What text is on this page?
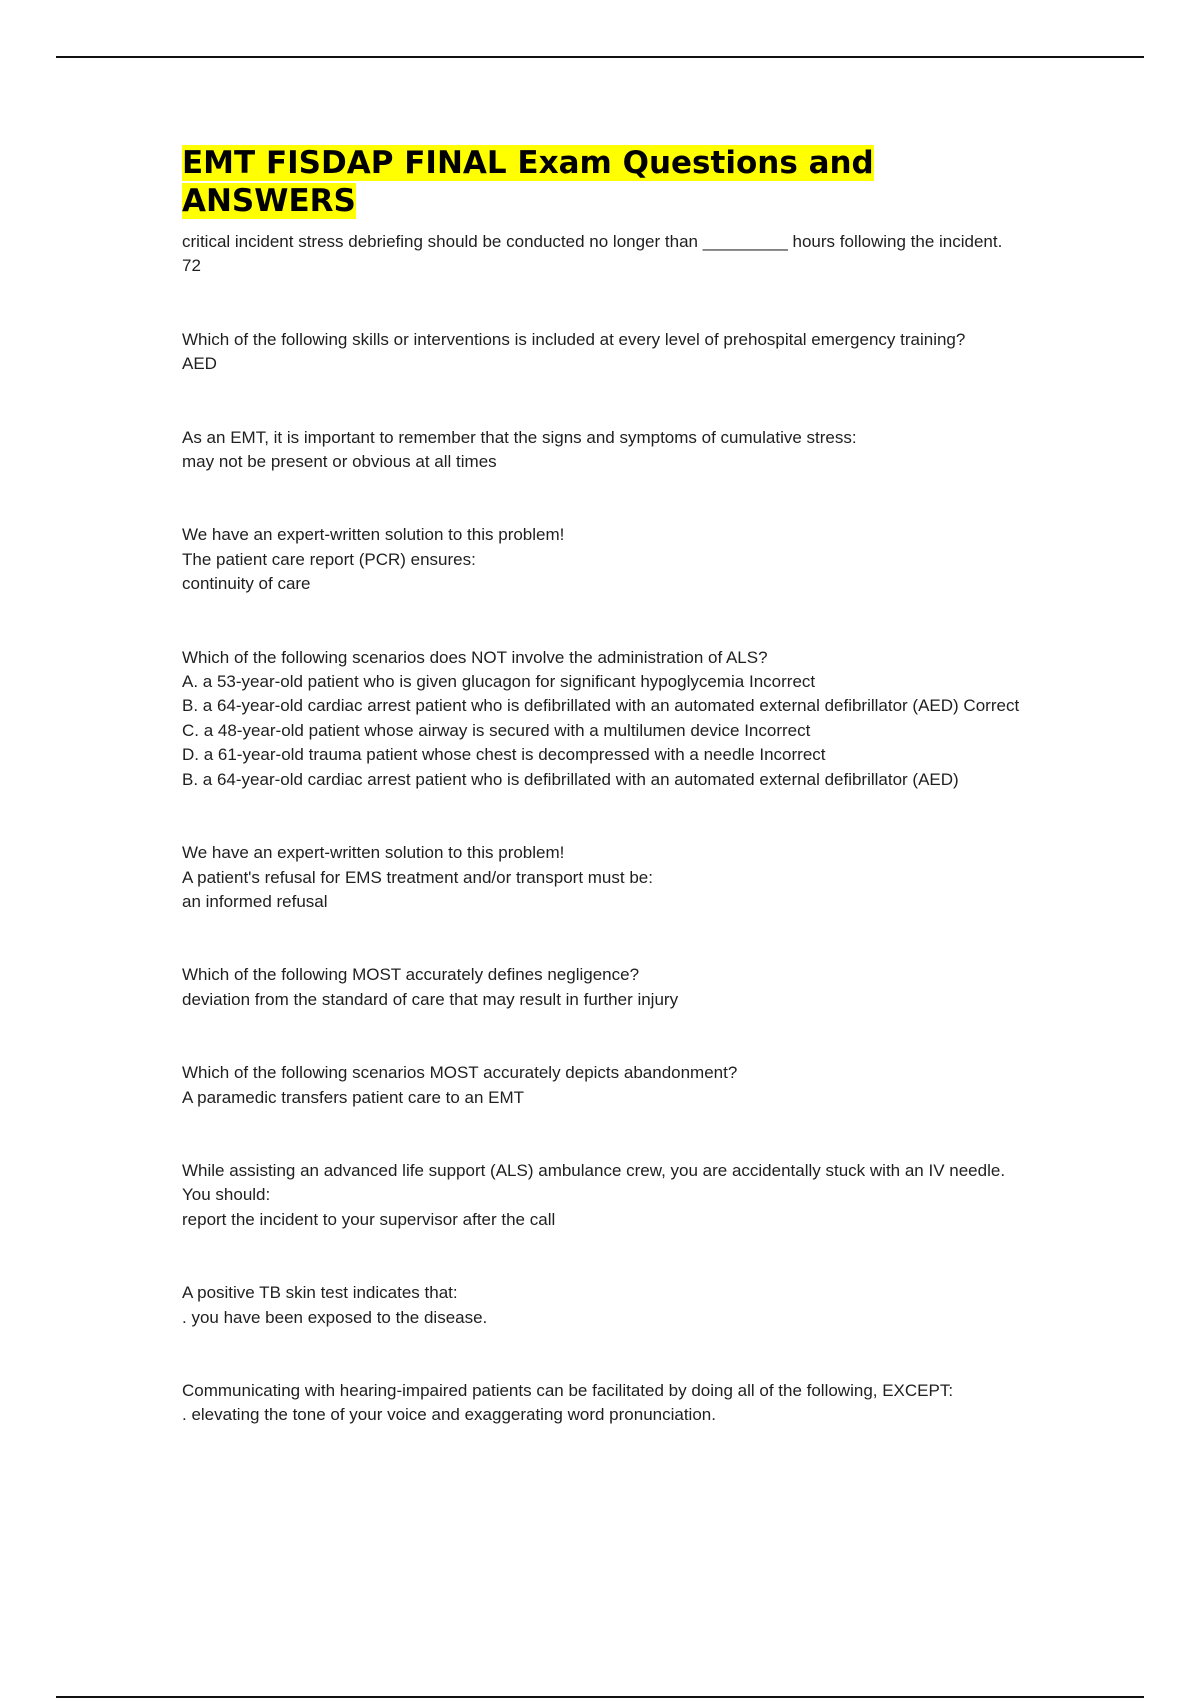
EMT FISDAP FINAL Exam Questions and ANSWERS

critical incident stress debriefing should be conducted no longer than _________ hours following the incident.

72

Which of the following skills or interventions is included at every level of prehospital emergency training?

AED

As an EMT, it is important to remember that the signs and symptoms of cumulative stress:

may not be present or obvious at all times

We have an expert-written solution to this problem!

The patient care report (PCR) ensures:

continuity of care

Which of the following scenarios does NOT involve the administration of ALS?

A. a 53-year-old patient who is given glucagon for significant hypoglycemia Incorrect

B. a 64-year-old cardiac arrest patient who is defibrillated with an automated external defibrillator (AED) Correct

C. a 48-year-old patient whose airway is secured with a multilumen device Incorrect

D. a 61-year-old trauma patient whose chest is decompressed with a needle Incorrect

B. a 64-year-old cardiac arrest patient who is defibrillated with an automated external defibrillator (AED)

We have an expert-written solution to this problem!

A patient's refusal for EMS treatment and/or transport must be:

an informed refusal

Which of the following MOST accurately defines negligence?

deviation from the standard of care that may result in further injury

Which of the following scenarios MOST accurately depicts abandonment?

A paramedic transfers patient care to an EMT

While assisting an advanced life support (ALS) ambulance crew, you are accidentally stuck with an IV needle. You should:

report the incident to your supervisor after the call

A positive TB skin test indicates that:

. you have been exposed to the disease.

Communicating with hearing-impaired patients can be facilitated by doing all of the following, EXCEPT:

. elevating the tone of your voice and exaggerating word pronunciation.
